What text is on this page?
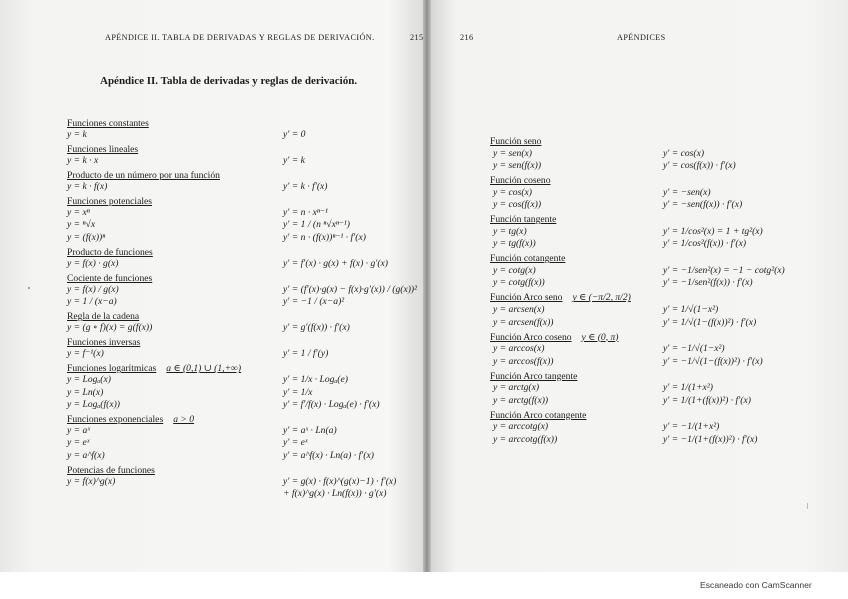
APÉNDICE II. TABLA DE DERIVADAS Y REGLAS DE DERIVACIÓN.	215
Apéndice II. Tabla de derivadas y reglas de derivación.
Funciones constantes
y = k	y′ = 0
Funciones lineales
y = k · x	y′ = k
Producto de un número por una función
y = k · f(x)	y′ = k · f′(x)
Funciones potenciales
y = xⁿ	y′ = n · xⁿ⁻¹
y = ⁿ√x	y′ = 1 / (n ⁿ√xⁿ⁻¹)
y = (f(x))ⁿ	y′ = n · (f(x))ⁿ⁻¹ · f′(x)
Producto de funciones
y = f(x) · g(x)	y′ = f′(x) · g(x) + f(x) · g′(x)
Cociente de funciones
y = f(x) / g(x)	y′ = (f′(x)·g(x) − f(x)·g′(x)) / (g(x))²
y = 1 / (x−a)	y′ = −1 / (x−a)²
Regla de la cadena
y = (g ∘ f)(x) = g(f(x))	y′ = g′(f(x)) · f′(x)
Funciones inversas
y = f⁻¹(x)	y′ = 1 / f′(y)
Funciones logarítmicas a ∈ (0,1) ∪ (1,+∞)
y = Logₐ(x)	y′ = 1/x · Logₐ(e)
y = Ln(x)	y′ = 1/x
y = Logₐ(f(x))	y′ = f′/f(x) · Logₐ(e) · f′(x)
Funciones exponenciales a > 0
y = aˣ	y′ = aˣ · Ln(a)
y = eˣ	y′ = eˣ
y = a^f(x)	y′ = a^f(x) · Ln(a) · f′(x)
Potencias de funciones
y = f(x)^g(x)	y′ = g(x) · f(x)^(g(x)−1) · f′(x)
+ f(x)^g(x) · Ln(f(x)) · g′(x)
216	APÉNDICES
Función seno
y = sen(x)	y′ = cos(x)
y = sen(f(x))	y′ = cos(f(x)) · f′(x)
Función coseno
y = cos(x)	y′ = −sen(x)
y = cos(f(x))	y′ = −sen(f(x)) · f′(x)
Función tangente
y = tg(x)	y′ = 1/cos²(x) = 1 + tg²(x)
y = tg(f(x))	y′ = 1/cos²(f(x)) · f′(x)
Función cotangente
y = cotg(x)	y′ = −1/sen²(x) = −1 − cotg²(x)
y = cotg(f(x))	y′ = −1/sen²(f(x)) · f′(x)
Función Arco seno y ∈ (−π/2, π/2)
y = arcsen(x)	y′ = 1/√(1−x²)
y = arcsen(f(x))	y′ = 1/√(1−(f(x))²) · f′(x)
Función Arco coseno y ∈ (0, π)
y = arccos(x)	y′ = −1/√(1−x²)
y = arccos(f(x))	y′ = −1/√(1−(f(x))²) · f′(x)
Función Arco tangente
y = arctg(x)	y′ = 1/(1+x²)
y = arctg(f(x))	y′ = 1/(1+(f(x))²) · f′(x)
Función Arco cotangente
y = arccotg(x)	y′ = −1/(1+x²)
y = arccotg(f(x))	y′ = −1/(1+(f(x))²) · f′(x)
Escaneado con CamScanner
